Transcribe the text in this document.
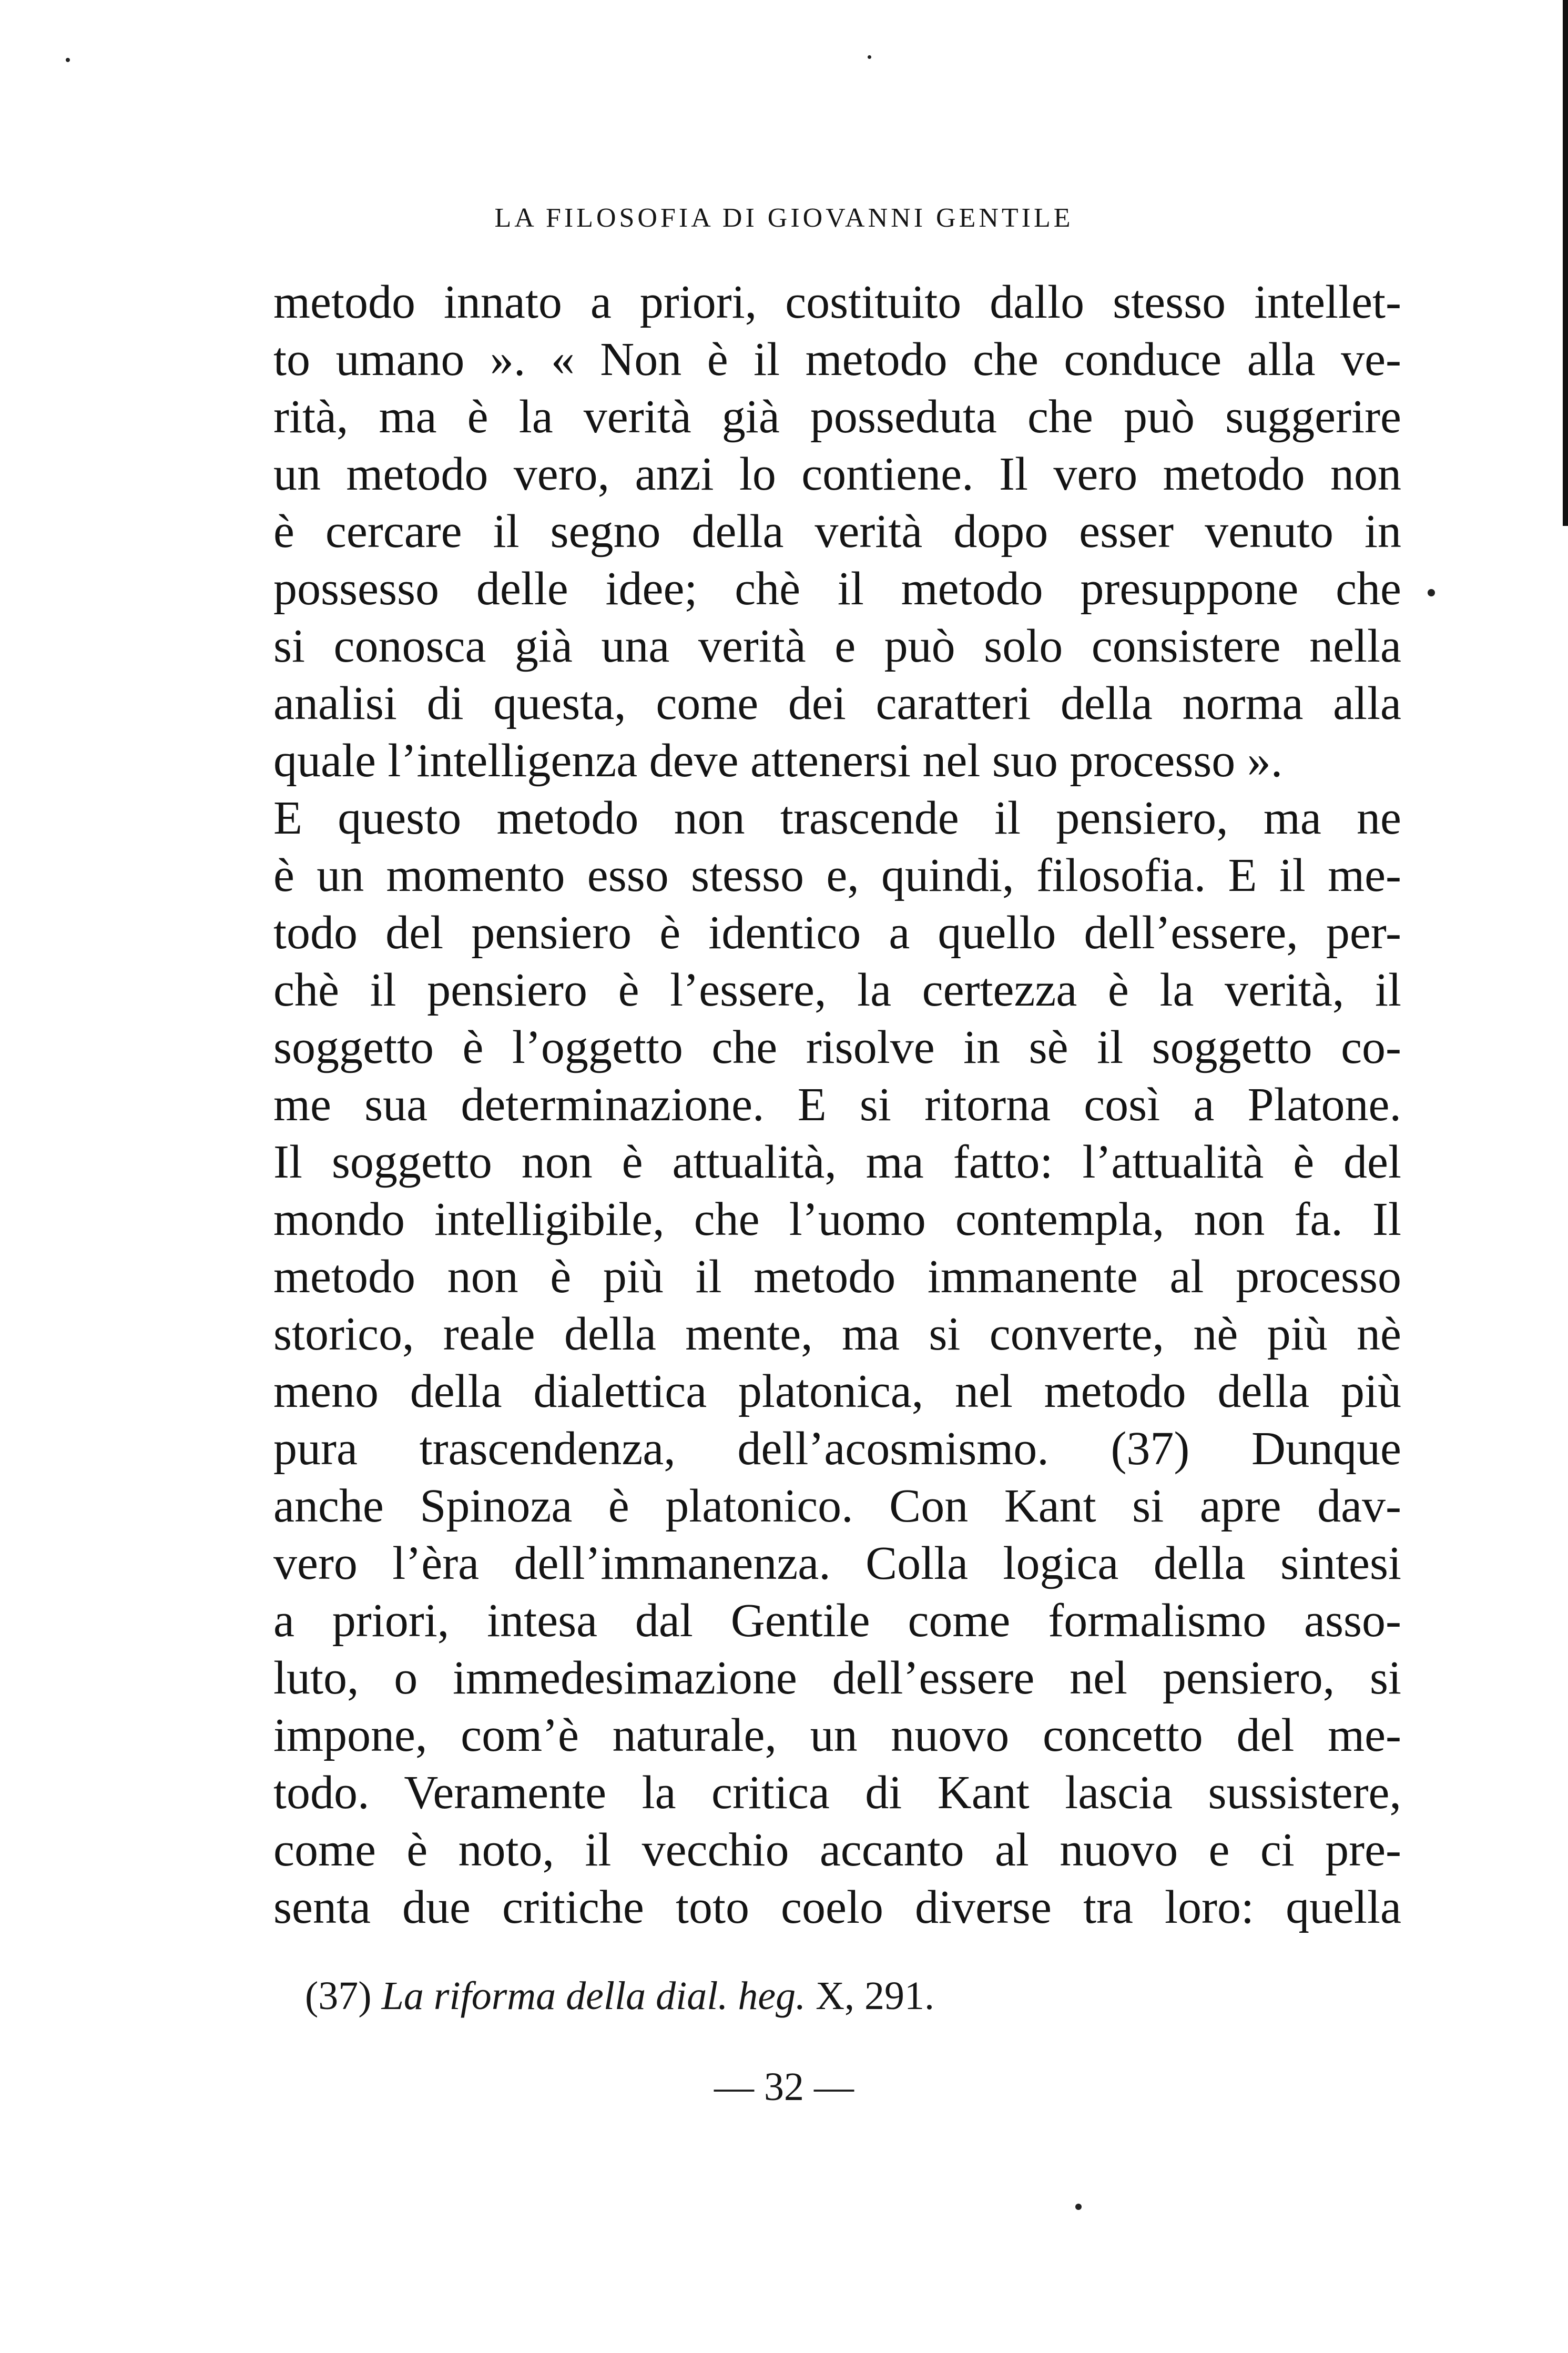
LA FILOSOFIA DI GIOVANNI GENTILE
metodo innato a priori, costituito dallo stesso intellet-
to umano ». « Non è il metodo che conduce alla ve-
rità, ma è la verità già posseduta che può suggerire
un metodo vero, anzi lo contiene. Il vero metodo non
è cercare il segno della verità dopo esser venuto in
possesso delle idee; chè il metodo presuppone che
si conosca già una verità e può solo consistere nella
analisi di questa, come dei caratteri della norma alla
quale l’intelligenza deve attenersi nel suo processo ».
E questo metodo non trascende il pensiero, ma ne
è un momento esso stesso e, quindi, filosofia. E il me-
todo del pensiero è identico a quello dell’essere, per-
chè il pensiero è l’essere, la certezza è la verità, il
soggetto è l’oggetto che risolve in sè il soggetto co-
me sua determinazione. E si ritorna così a Platone.
Il soggetto non è attualità, ma fatto: l’attualità è del
mondo intelligibile, che l’uomo contempla, non fa. Il
metodo non è più il metodo immanente al processo
storico, reale della mente, ma si converte, nè più nè
meno della dialettica platonica, nel metodo della più
pura trascendenza, dell’acosmismo. (37) Dunque
anche Spinoza è platonico. Con Kant si apre dav-
vero l’èra dell’immanenza. Colla logica della sintesi
a priori, intesa dal Gentile come formalismo asso-
luto, o immedesimazione dell’essere nel pensiero, si
impone, com’è naturale, un nuovo concetto del me-
todo. Veramente la critica di Kant lascia sussistere,
come è noto, il vecchio accanto al nuovo e ci pre-
senta due critiche toto coelo diverse tra loro: quella
(37) La riforma della dial. heg. X, 291.
— 32 —
